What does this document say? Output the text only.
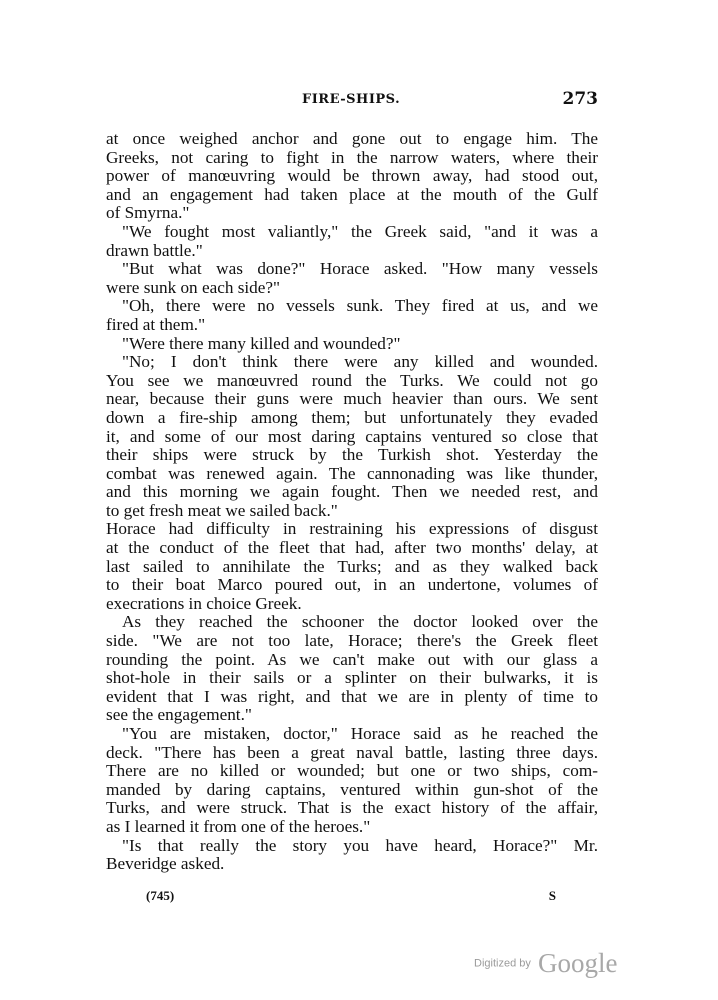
FIRE-SHIPS.	273
at once weighed anchor and gone out to engage him. The
Greeks, not caring to fight in the narrow waters, where their
power of manœuvring would be thrown away, had stood out,
and an engagement had taken place at the mouth of the Gulf
of Smyrna."
"We fought most valiantly," the Greek said, "and it was a
drawn battle."
"But what was done?" Horace asked. "How many vessels
were sunk on each side?"
"Oh, there were no vessels sunk. They fired at us, and we
fired at them."
"Were there many killed and wounded?"
"No; I don't think there were any killed and wounded.
You see we manœuvred round the Turks. We could not go
near, because their guns were much heavier than ours. We sent
down a fire-ship among them; but unfortunately they evaded
it, and some of our most daring captains ventured so close that
their ships were struck by the Turkish shot. Yesterday the
combat was renewed again. The cannonading was like thunder,
and this morning we again fought. Then we needed rest, and
to get fresh meat we sailed back."
Horace had difficulty in restraining his expressions of disgust
at the conduct of the fleet that had, after two months' delay, at
last sailed to annihilate the Turks; and as they walked back
to their boat Marco poured out, in an undertone, volumes of
execrations in choice Greek.
As they reached the schooner the doctor looked over the
side. "We are not too late, Horace; there's the Greek fleet
rounding the point. As we can't make out with our glass a
shot-hole in their sails or a splinter on their bulwarks, it is
evident that I was right, and that we are in plenty of time to
see the engagement."
"You are mistaken, doctor," Horace said as he reached the
deck. "There has been a great naval battle, lasting three days.
There are no killed or wounded; but one or two ships, com-
manded by daring captains, ventured within gun-shot of the
Turks, and were struck. That is the exact history of the affair,
as I learned it from one of the heroes."
"Is that really the story you have heard, Horace?" Mr.
Beveridge asked.
(745)	S
Digitized by Google
